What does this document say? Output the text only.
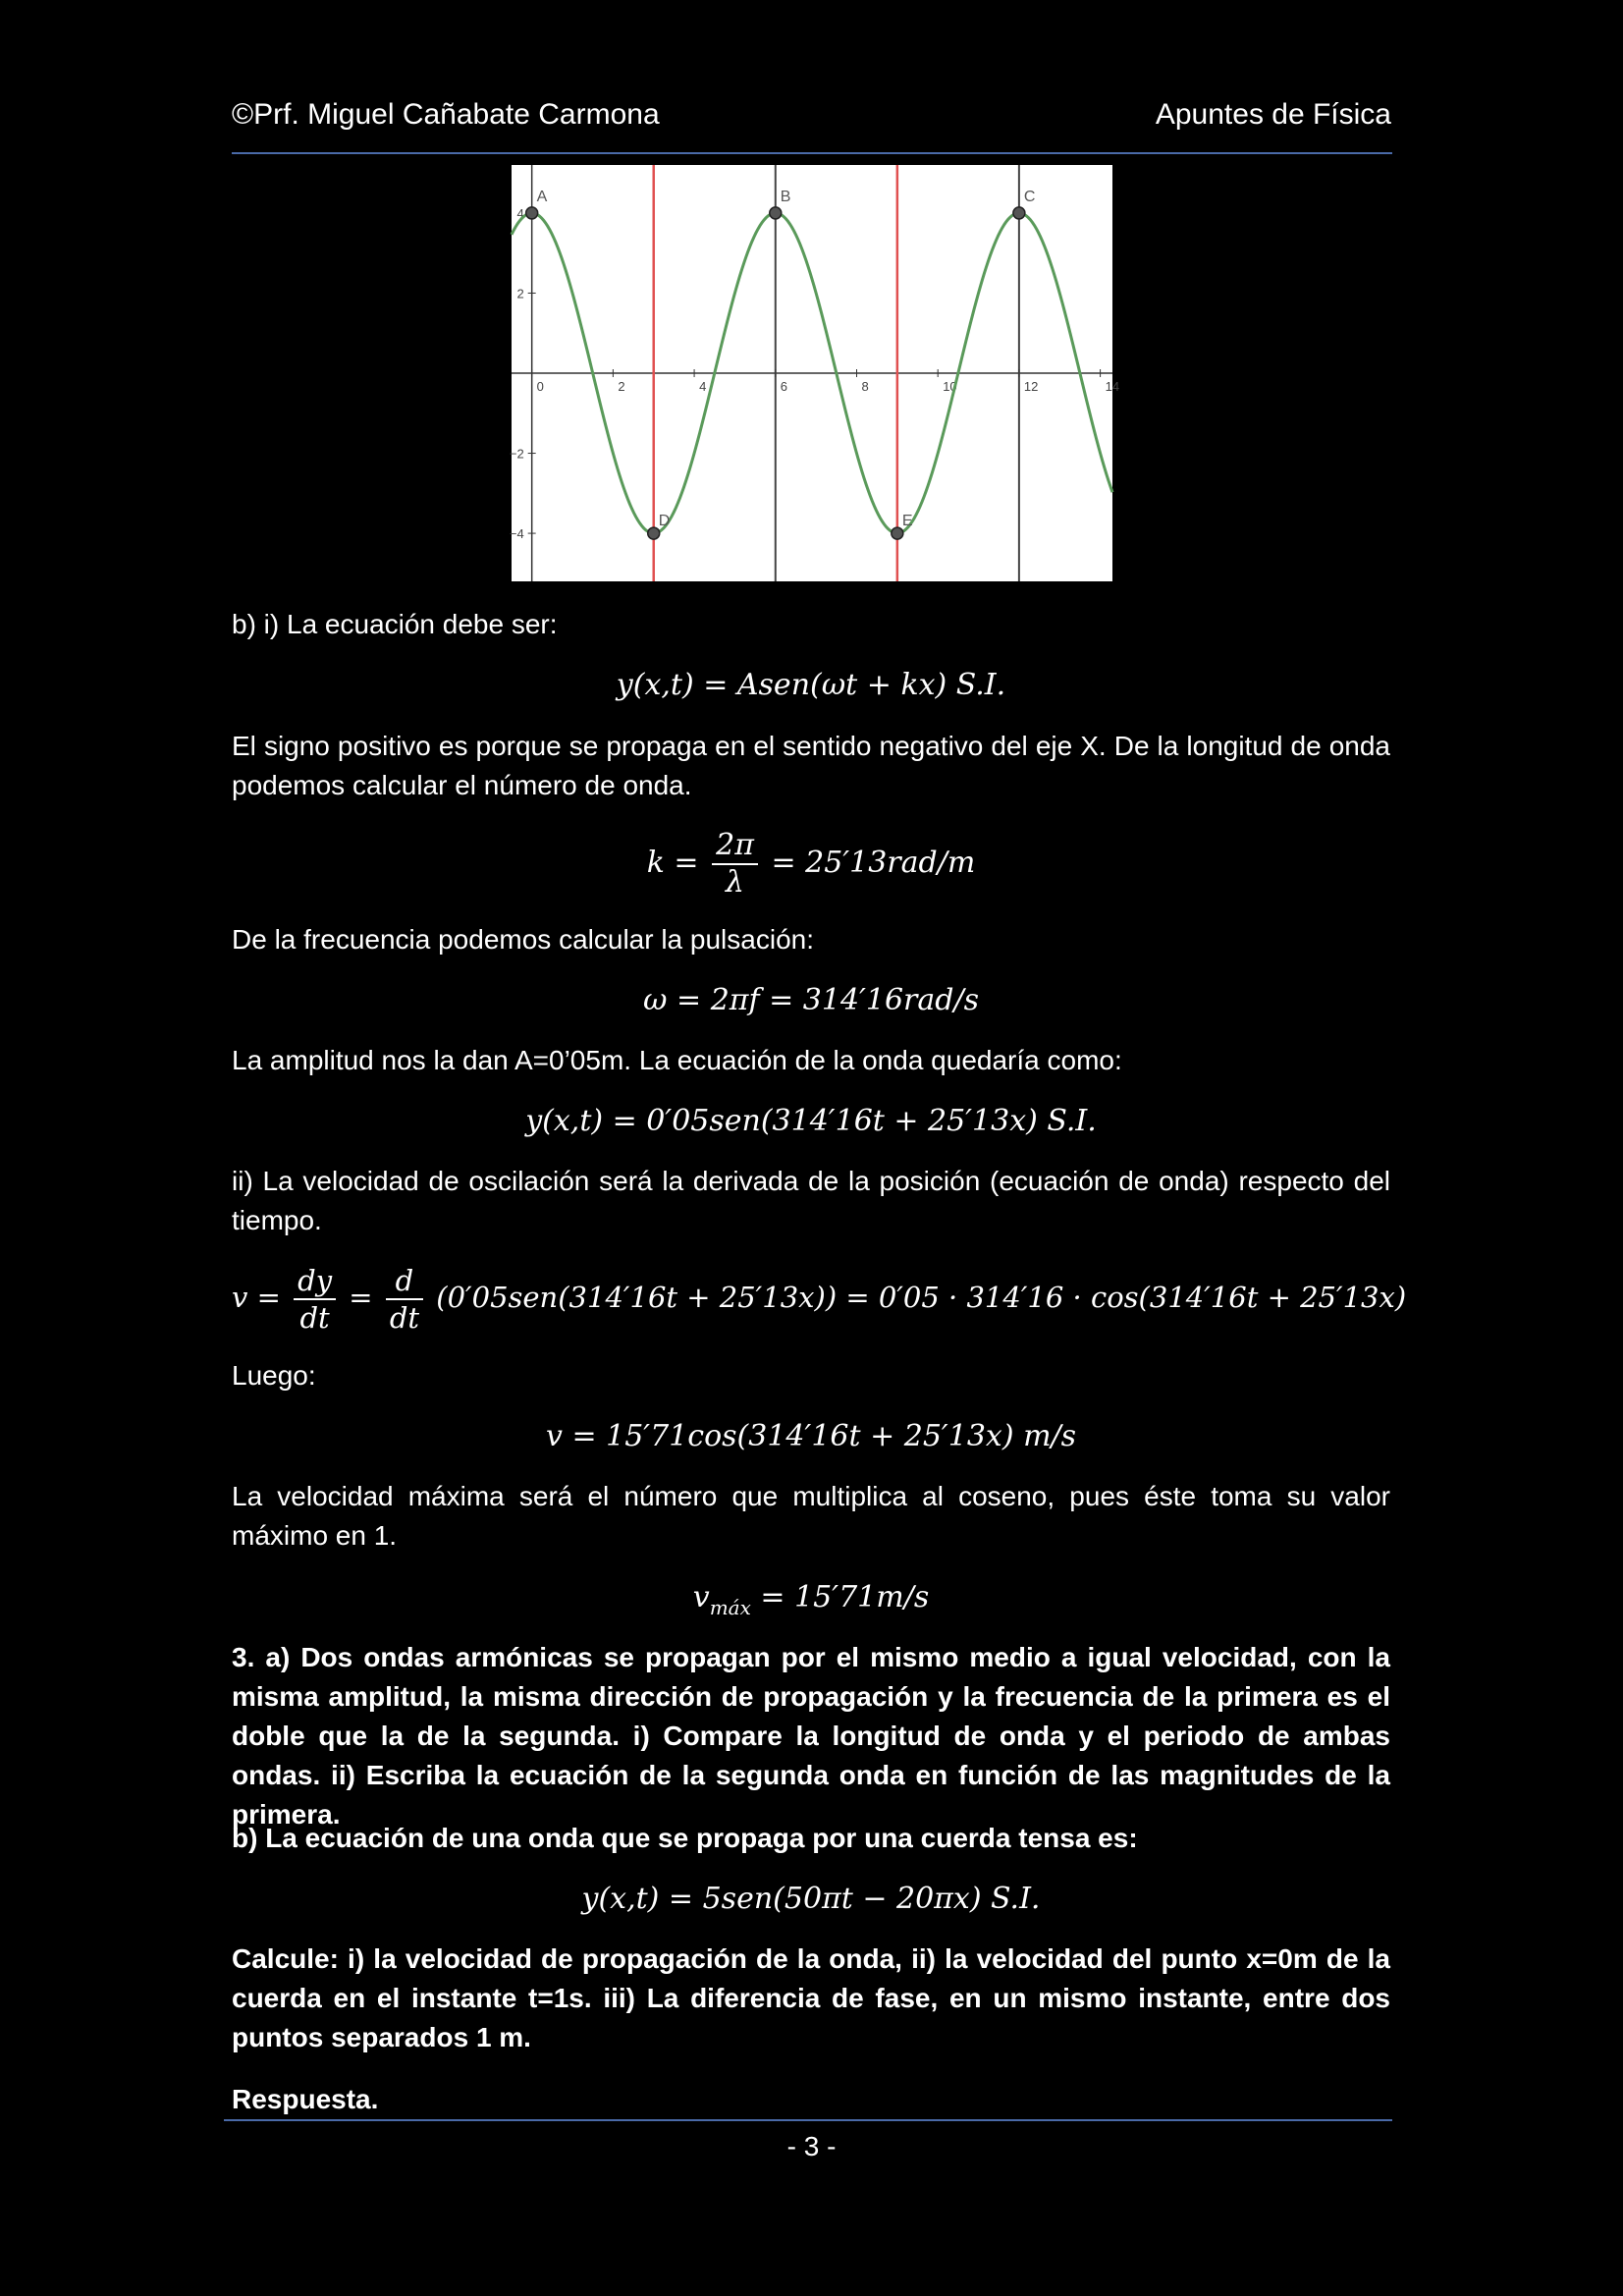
©Prf. Miguel Cañabate Carmona	Apuntes de Física
0	2	4	6	8	10	12	14
4
2
−2
−4
A	B	C
D	E

b) i) La ecuación debe ser:

y(x,t) = Asen(ωt + kx) S.I.

El signo positivo es porque se propaga en el sentido negativo del eje X. De la longitud de onda podemos calcular el número de onda.

$k = \frac{2\pi}{\lambda} = 25'13rad/m$

De la frecuencia podemos calcular la pulsación:

ω = 2πf = 314′16rad/s

La amplitud nos la dan A=0’05m. La ecuación de la onda quedaría como:

y(x,t) = 0′05sen(314′16t + 25′13x) S.I.

ii) La velocidad de oscilación será la derivada de la posición (ecuación de onda) respecto del tiempo.

$v = \frac{dy}{dt} = \frac{d}{dt} (0'05sen(314'16t + 25'13x)) = 0'05 \cdot 314'16 \cdot \cos(314'16t + 25'13x)$

Luego:

v = 15′71cos(314′16t + 25′13x) m/s

La velocidad máxima será el número que multiplica al coseno, pues éste toma su valor máximo en 1.

$v_{máx} = 15'71m/s$

3. a) Dos ondas armónicas se propagan por el mismo medio a igual velocidad, con la misma amplitud, la misma dirección de propagación y la frecuencia de la primera es el doble que la de la segunda. i) Compare la longitud de onda y el periodo de ambas ondas. ii) Escriba la ecuación de la segunda onda en función de las magnitudes de la primera.

b) La ecuación de una onda que se propaga por una cuerda tensa es:

y(x,t) = 5sen(50πt − 20πx) S.I.

Calcule: i) la velocidad de propagación de la onda, ii) la velocidad del punto x=0m de la cuerda en el instante t=1s. iii) La diferencia de fase, en un mismo instante, entre dos puntos separados 1 m.

Respuesta.

- 3 -
